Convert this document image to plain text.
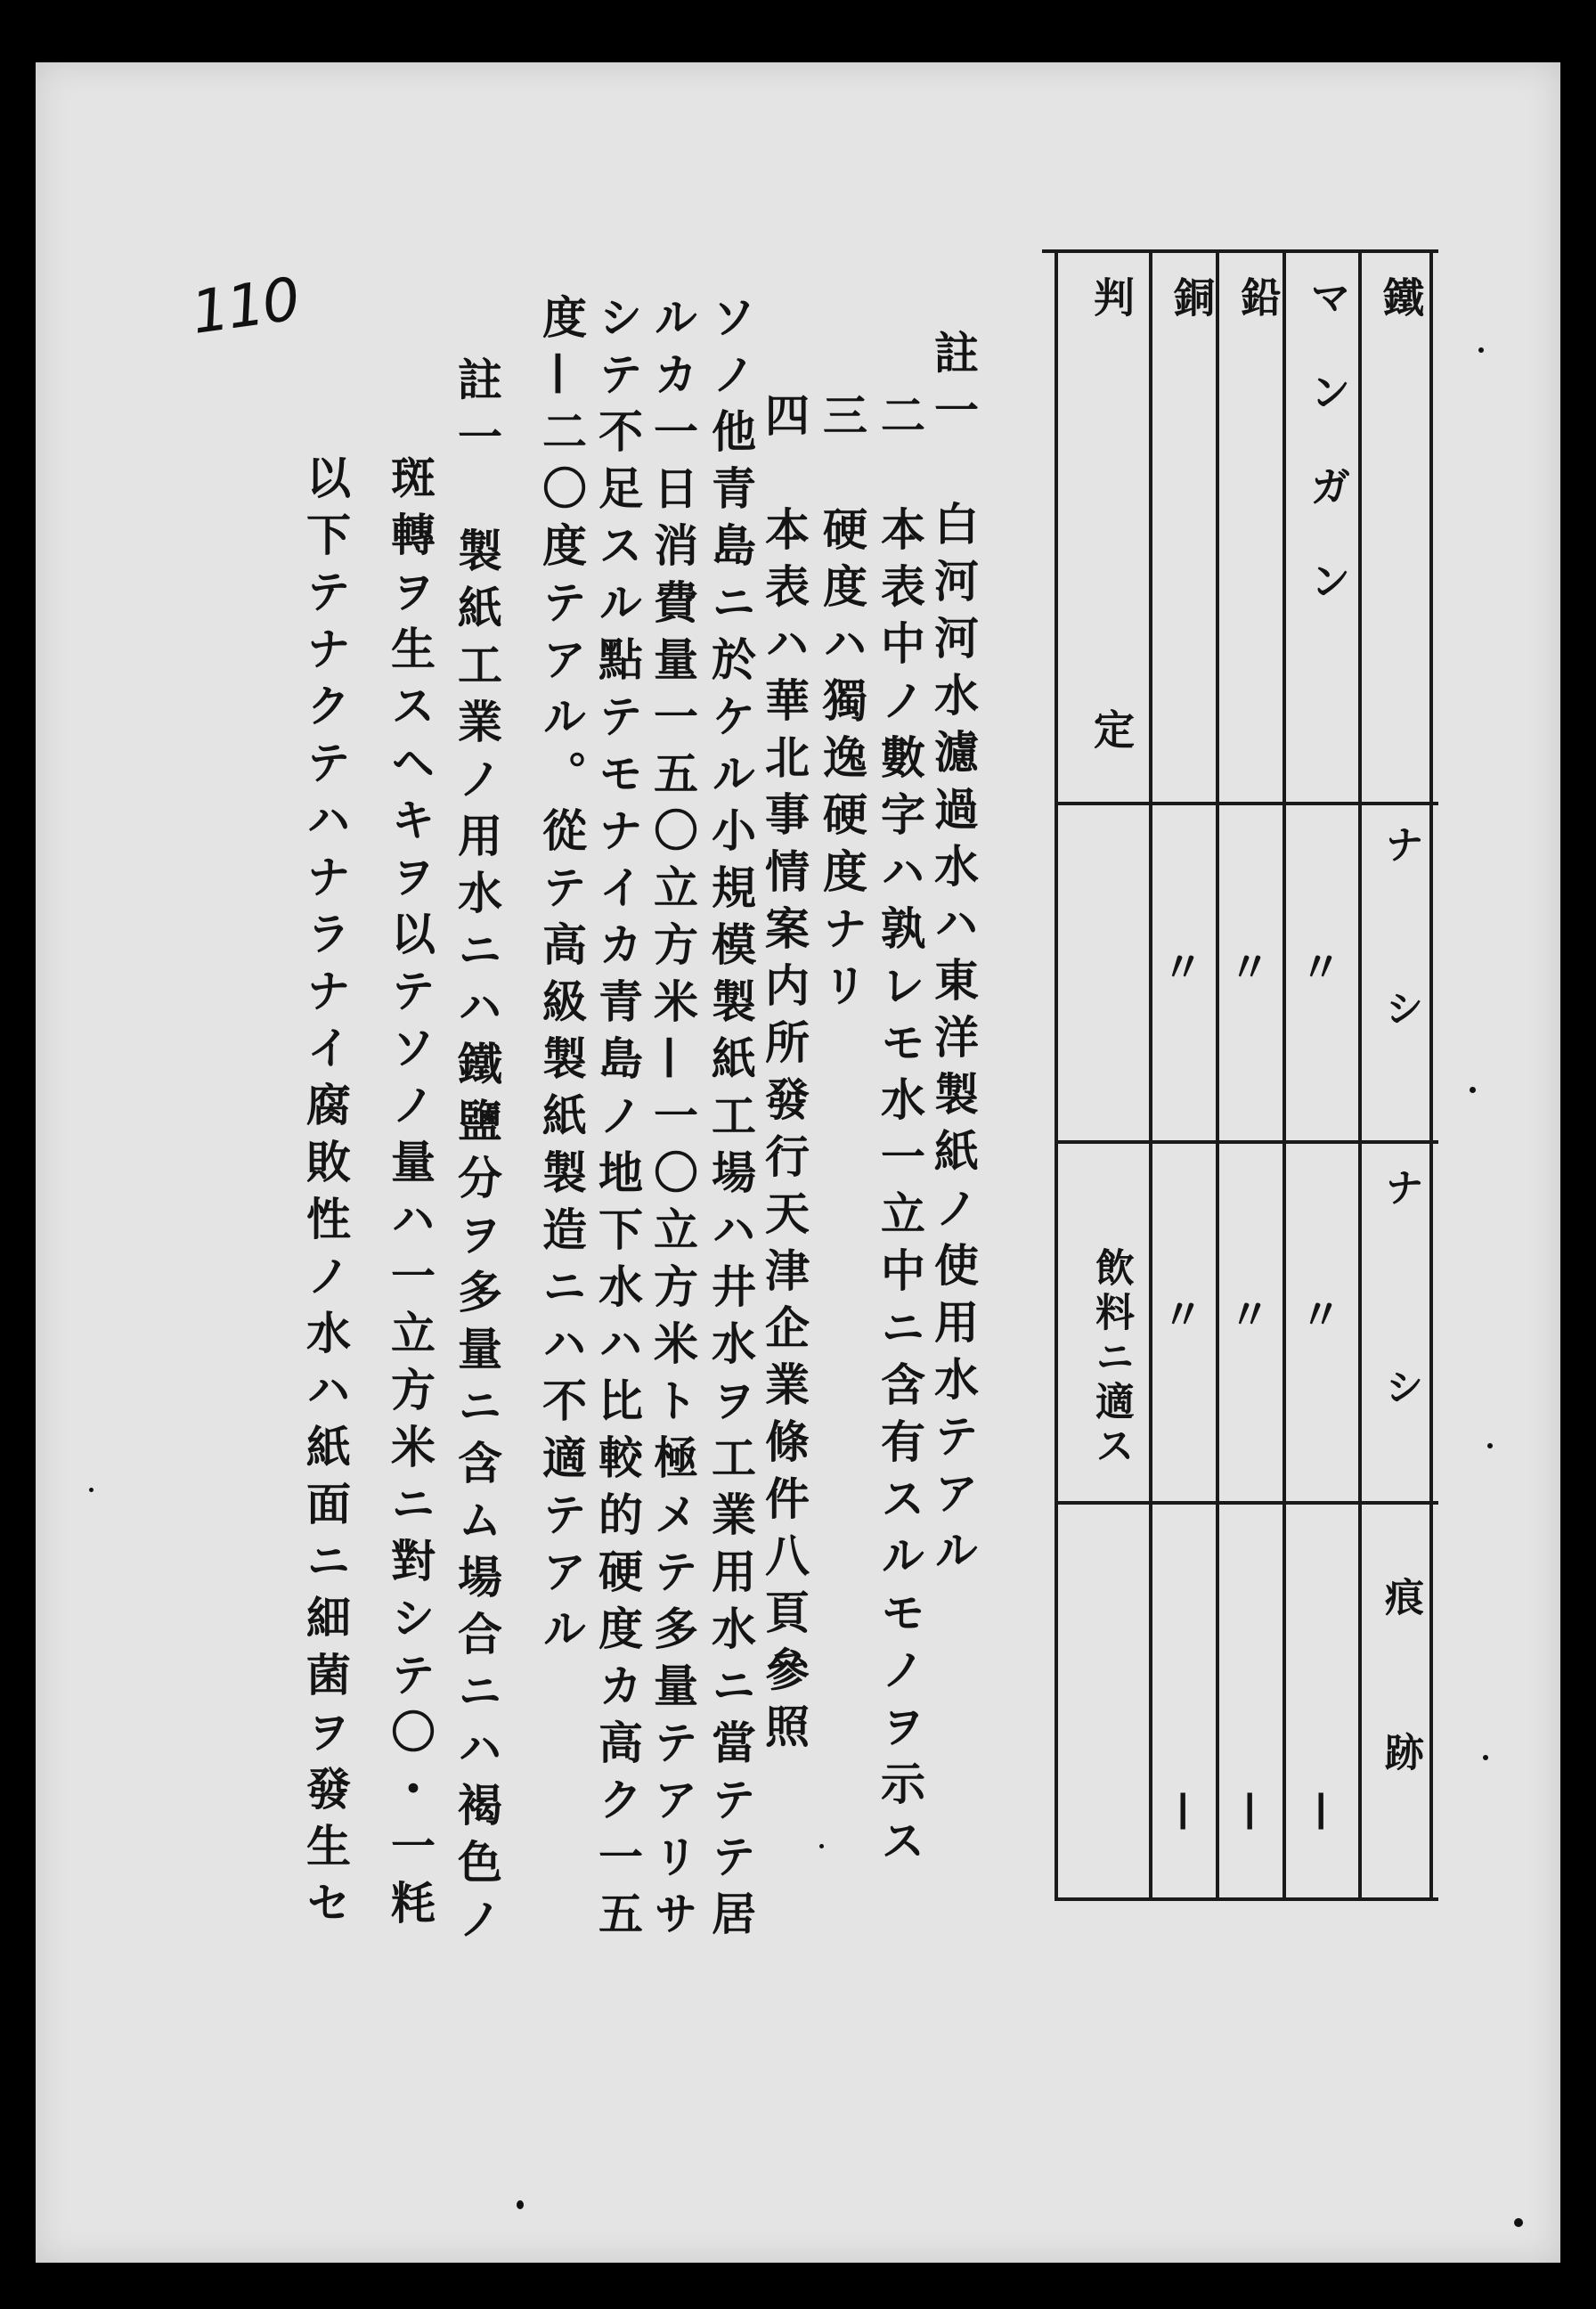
110	鐵
マンガン
鉛
銅
判
定
ナシ
〃
〃
〃
ナシ
〃
〃
〃
飲料ニ適ス
痕跡
—
—
—
註一　白河河水濾過水ハ東洋製紙ノ使用水テアル
二　本表中ノ數字ハ孰レモ水一立中ニ含有スルモノヲ示ス
三　硬度ハ獨逸硬度ナリ
四　本表ハ華北事情案内所發行天津企業條件八頁參照
ソノ他青島ニ於ケル小規模製紙工場ハ井水ヲ工業用水ニ當テテ居
ルカ一日消費量一五〇立方米—一〇立方米ト極メテ多量テアリサ
シテ不足スル點テモナイカ青島ノ地下水ハ比較的硬度カ高ク一五
度—二〇度テアル。從テ高級製紙製造ニハ不適テアル
註一　製紙工業ノ用水ニハ鐵鹽分ヲ多量ニ含ム場合ニハ褐色ノ
斑轉ヲ生スヘキヲ以テソノ量ハ一立方米ニ對シテ〇・一粍
以下テナクテハナラナイ腐敗性ノ水ハ紙面ニ細菌ヲ發生セ
